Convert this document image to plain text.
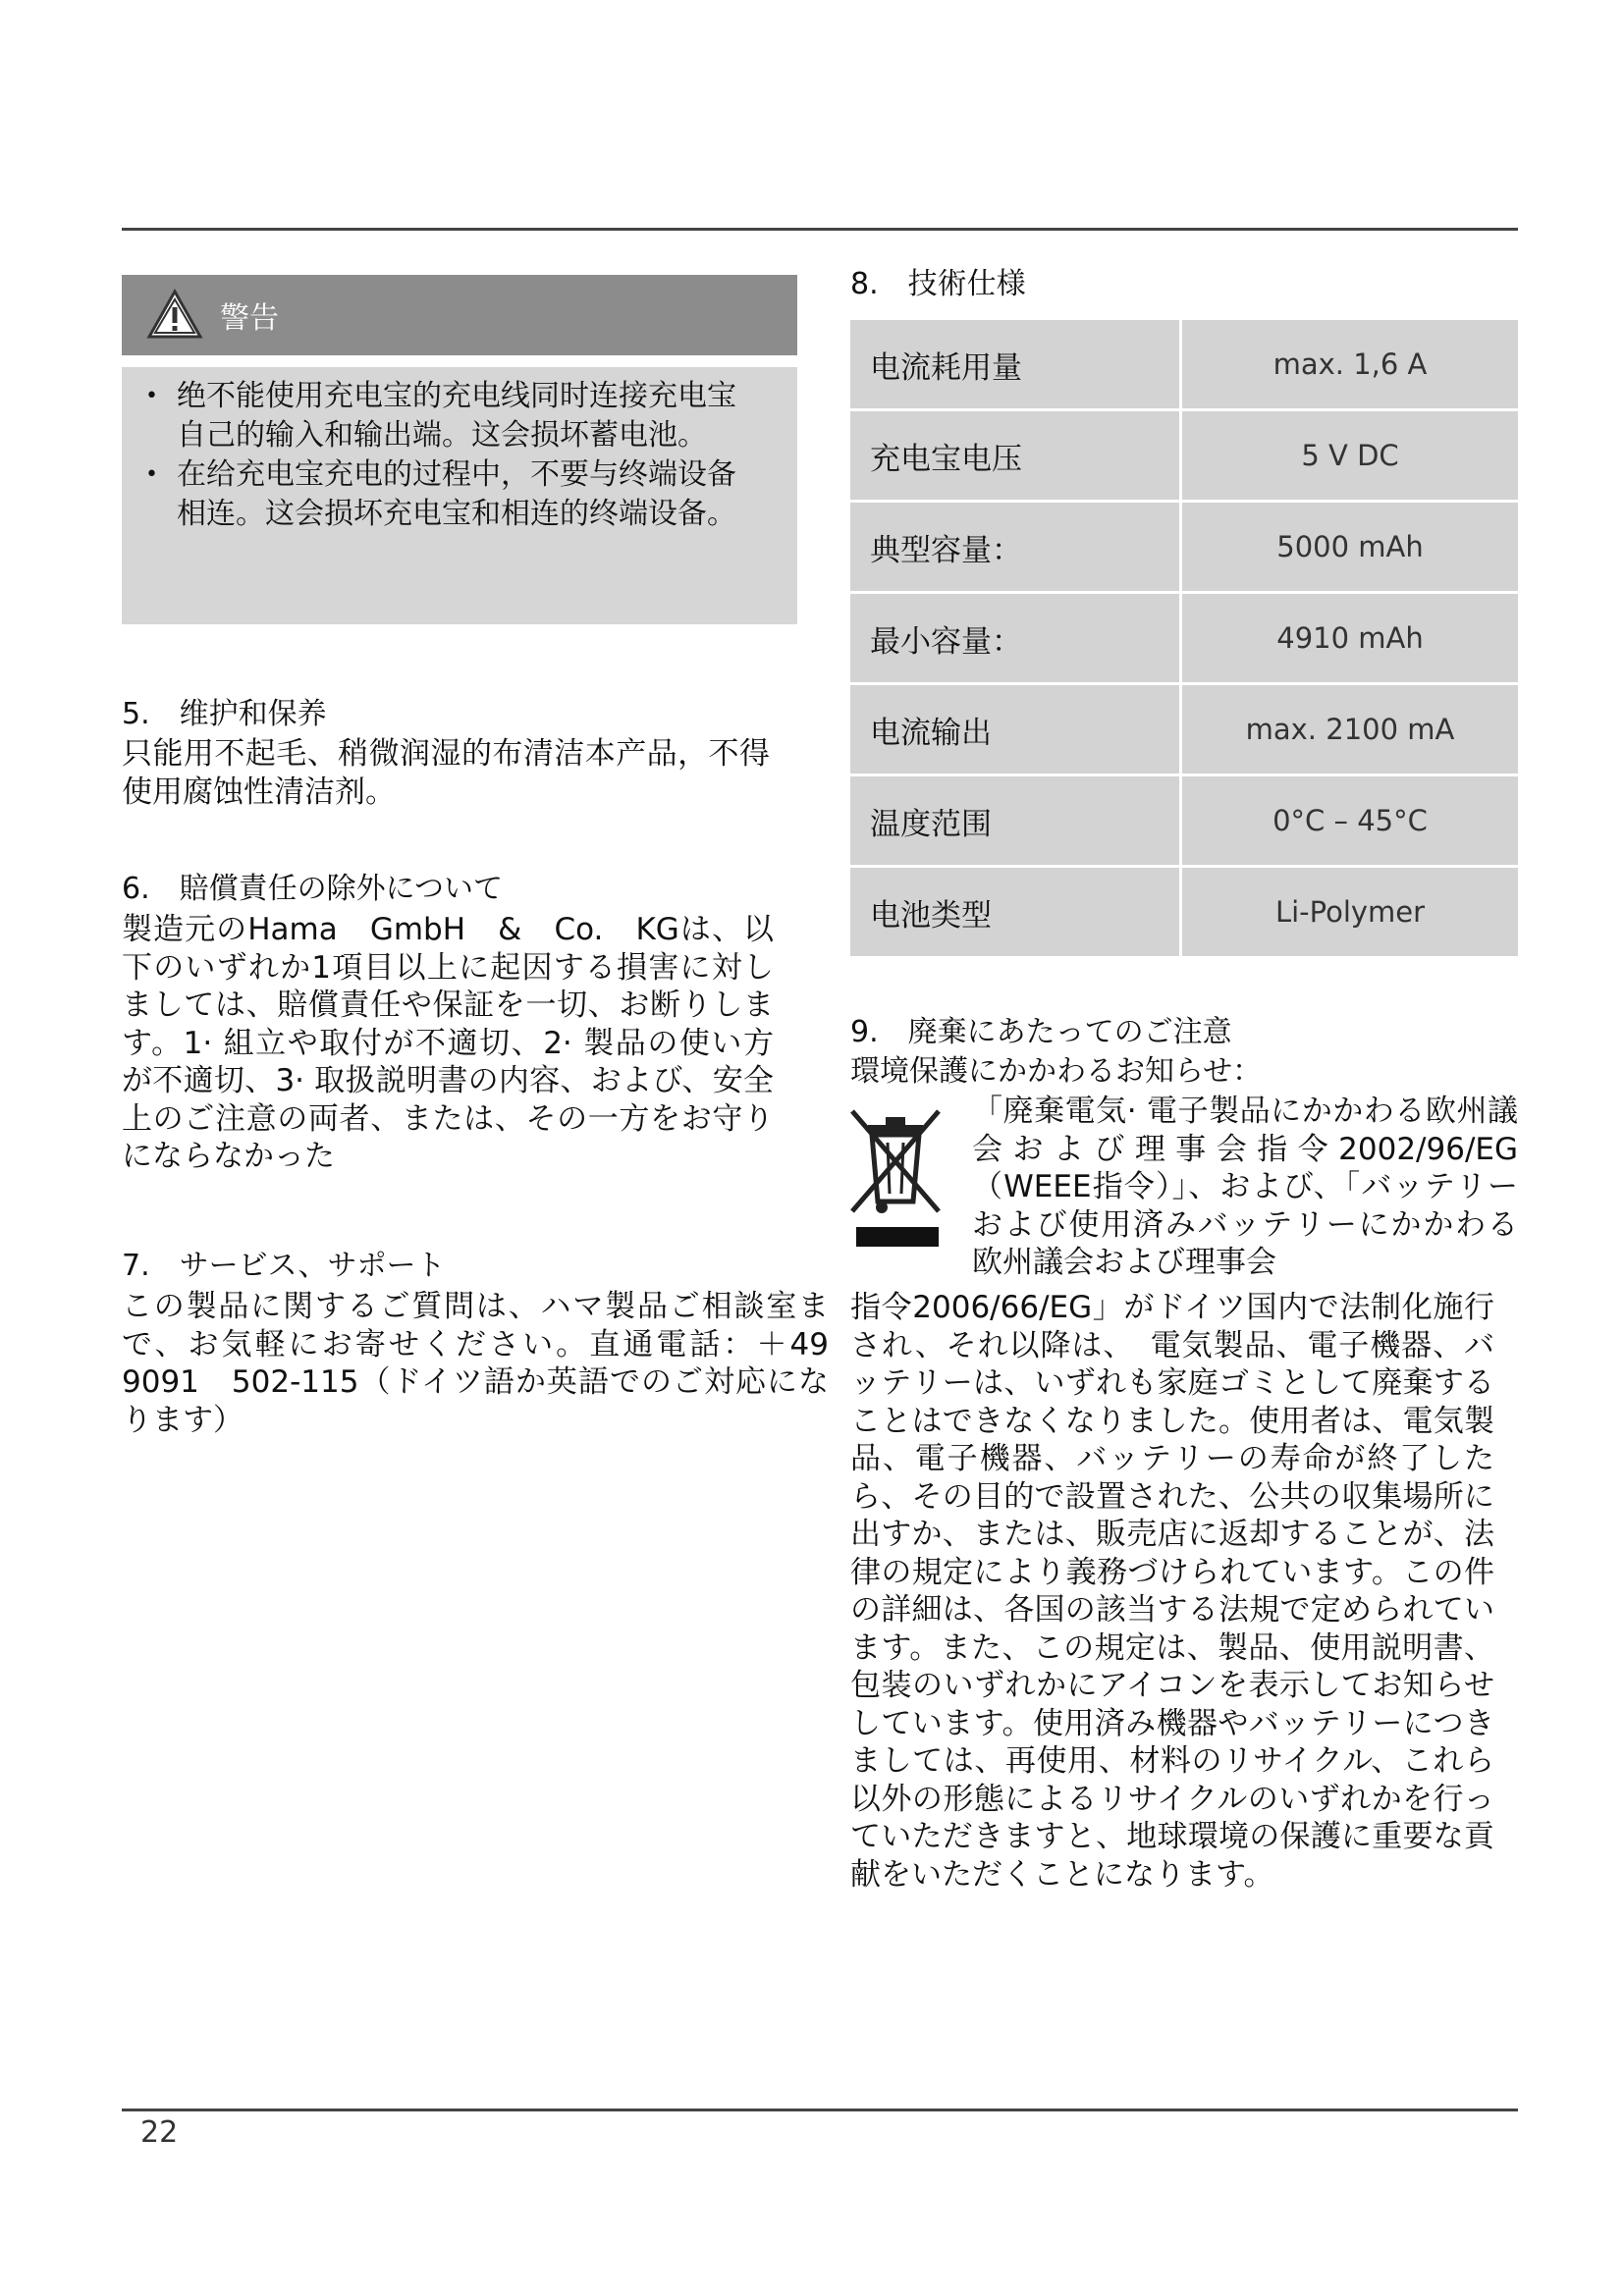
警告
• 绝不能使用充电宝的充电线同时连接充电宝自己的输入和输出端。这会损坏蓄电池。
• 在给充电宝充电的过程中，不要与终端设备相连。这会损坏充电宝和相连的终端设备。
5.　维护和保养
只能用不起毛、稍微润湿的布清洁本产品，不得使用腐蚀性清洁剂。
6.　賠償責任の除外について
製造元のHama　GmbH　&　Co.　KGは、以下のいずれか1項目以上に起因する損害に対しましては、賠償責任や保証を一切、お断りします。1· 組立や取付が不適切、2· 製品の使い方が不適切、3· 取扱説明書の内容、および、安全上のご注意の両者、または、その一方をお守りにならなかった
7.　サービス、サポート
この製品に関するご質問は、ハマ製品ご相談室まで、お気軽にお寄せください。直通電話：＋49　9091　502-115（ドイツ語か英語でのご対応になります）
8.　技術仕様
电流耗用量	max. 1,6 A
充电宝电压	5 V DC
典型容量：	5000 mAh
最小容量：	4910 mAh
电流输出	max. 2100 mA
温度范围	0°C – 45°C
电池类型	Li-Polymer
9.　廃棄にあたってのご注意
環境保護にかかわるお知らせ：
「廃棄電気· 電子製品にかかわる欧州議会および理事会指令2002/96/EG（WEEE指令）」、および、「バッテリーおよび使用済みバッテリーにかかわる欧州議会および理事会
指令2006/66/EG」がドイツ国内で法制化施行され、それ以降は、　電気製品、電子機器、バッテリーは、いずれも家庭ゴミとして廃棄することはできなくなりました。使用者は、電気製品、電子機器、バッテリーの寿命が終了したら、その目的で設置された、公共の収集場所に出すか、または、販売店に返却することが、法律の規定により義務づけられています。この件の詳細は、各国の該当する法規で定められています。また、この規定は、製品、使用説明書、包装のいずれかにアイコンを表示してお知らせしています。使用済み機器やバッテリーにつきましては、再使用、材料のリサイクル、これら以外の形態によるリサイクルのいずれかを行っていただきますと、地球環境の保護に重要な貢献をいただくことになります。
22
